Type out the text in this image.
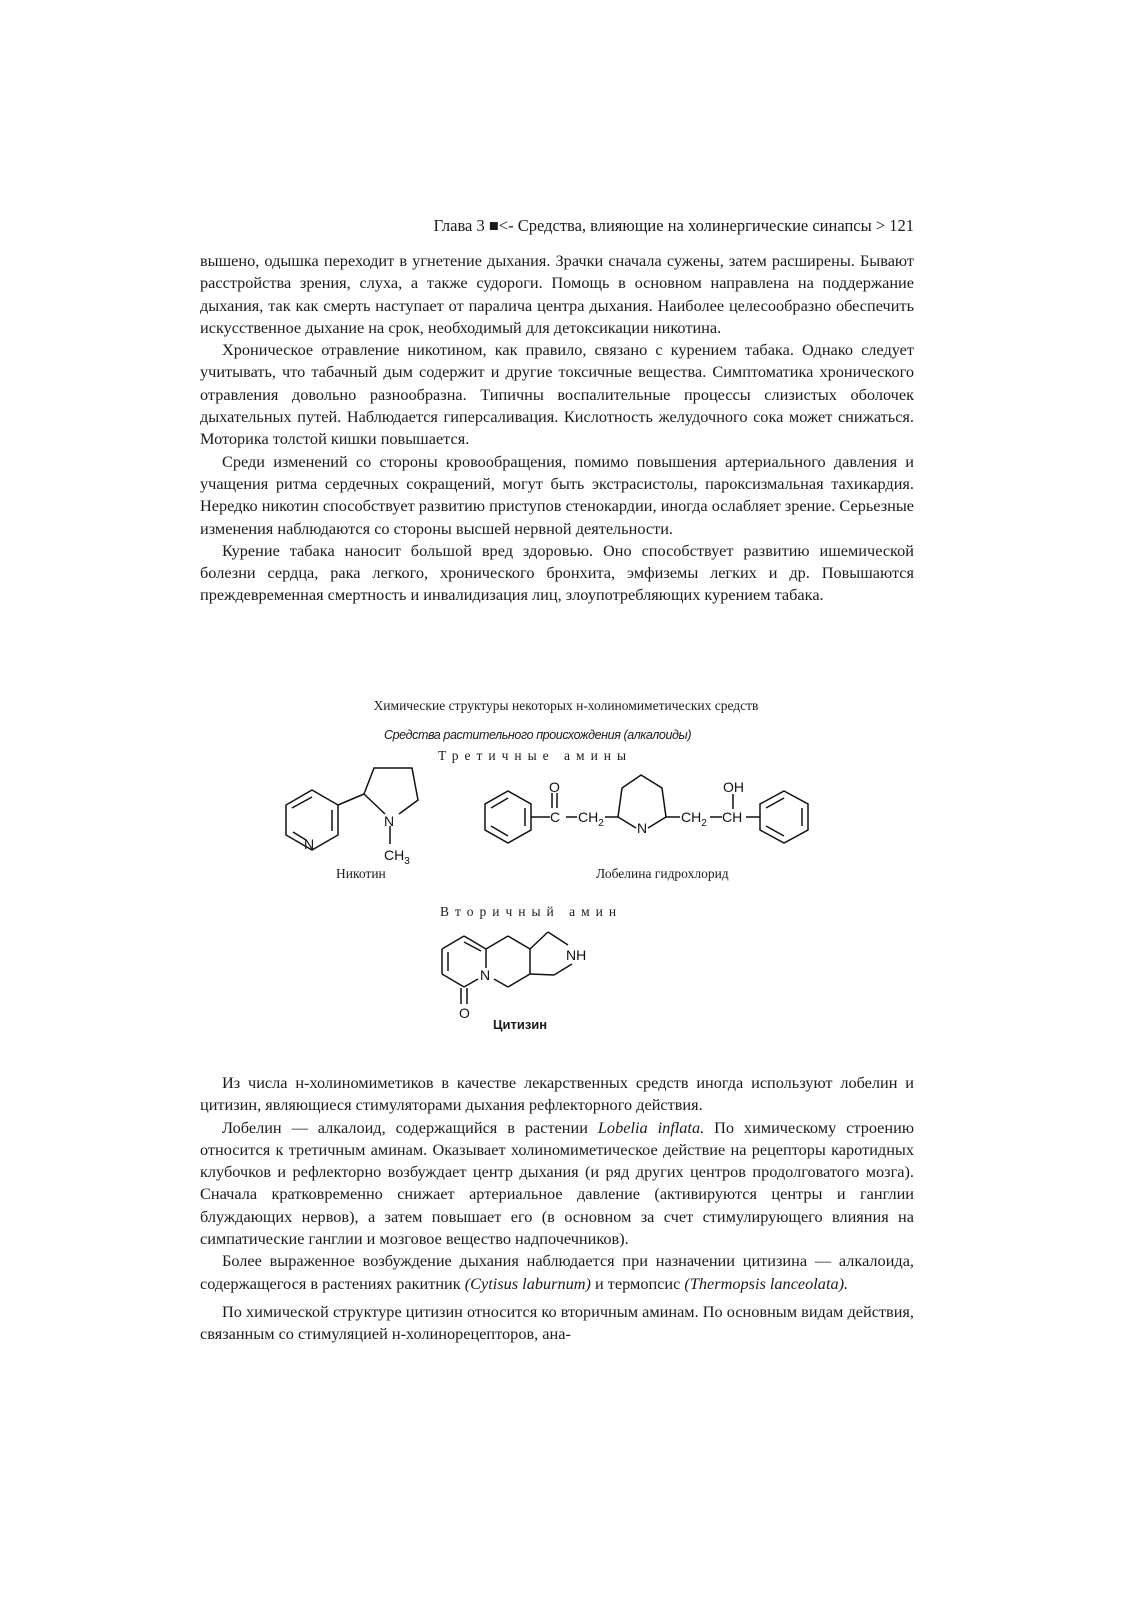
Глава 3 ■<- Средства, влияющие на холинергические синапсы > 121

вышено, одышка переходит в угнетение дыхания. Зрачки сначала сужены, затем расширены. Бывают расстройства зрения, слуха, а также судороги. Помощь в основном направлена на поддержание дыхания, так как смерть наступает от паралича центра дыхания. Наиболее целесообразно обеспечить искусственное дыхание на срок, необходимый для детоксикации никотина.

Хроническое отравление никотином, как правило, связано с курением табака. Однако следует учитывать, что табачный дым содержит и другие токсичные вещества. Симптоматика хронического отравления довольно разнообразна. Типичны воспалительные процессы слизистых оболочек дыхательных путей. Наблюдается гиперсаливация. Кислотность желудочного сока может снижаться. Моторика толстой кишки повышается.

Среди изменений со стороны кровообращения, помимо повышения артериального давления и учащения ритма сердечных сокращений, могут быть экстрасистолы, пароксизмальная тахикардия. Нередко никотин способствует развитию приступов стенокардии, иногда ослабляет зрение. Серьезные изменения наблюдаются со стороны высшей нервной деятельности.

Курение табака наносит большой вред здоровью. Оно способствует развитию ишемической болезни сердца, рака легкого, хронического бронхита, эмфиземы легких и др. Повышаются преждевременная смертность и инвалидизация лиц, злоупотребляющих курением табака.

Химические структуры некоторых н-холиномиметических средств
Средства растительного происхождения (алкалоиды)
Третичные амины
Никотин	Лобелина гидрохлорид
Вторичный амин
Цитизин
N
N
$CH_3$
O
C $CH_2$ N
$CH_2$
OH
CH
N
NH
O

Из числа н-холиномиметиков в качестве лекарственных средств иногда используют лобелин и цитизин, являющиеся стимуляторами дыхания рефлекторного действия.

Лобелин — алкалоид, содержащийся в растении Lobelia inflata. По химическому строению относится к третичным аминам. Оказывает холиномиметическое действие на рецепторы каротидных клубочков и рефлекторно возбуждает центр дыхания (и ряд других центров продолговатого мозга). Сначала кратковременно снижает артериальное давление (активируются центры и ганглии блуждающих нервов), а затем повышает его (в основном за счет стимулирующего влияния на симпатические ганглии и мозговое вещество надпочечников).

Более выраженное возбуждение дыхания наблюдается при назначении цитизина — алкалоида, содержащегося в растениях ракитник (Cytisus laburnum) и термопсис (Thermopsis lanceolata).

По химической структуре цитизин относится ко вторичным аминам. По основным видам действия, связанным со стимуляцией н-холинорецепторов, ана-
